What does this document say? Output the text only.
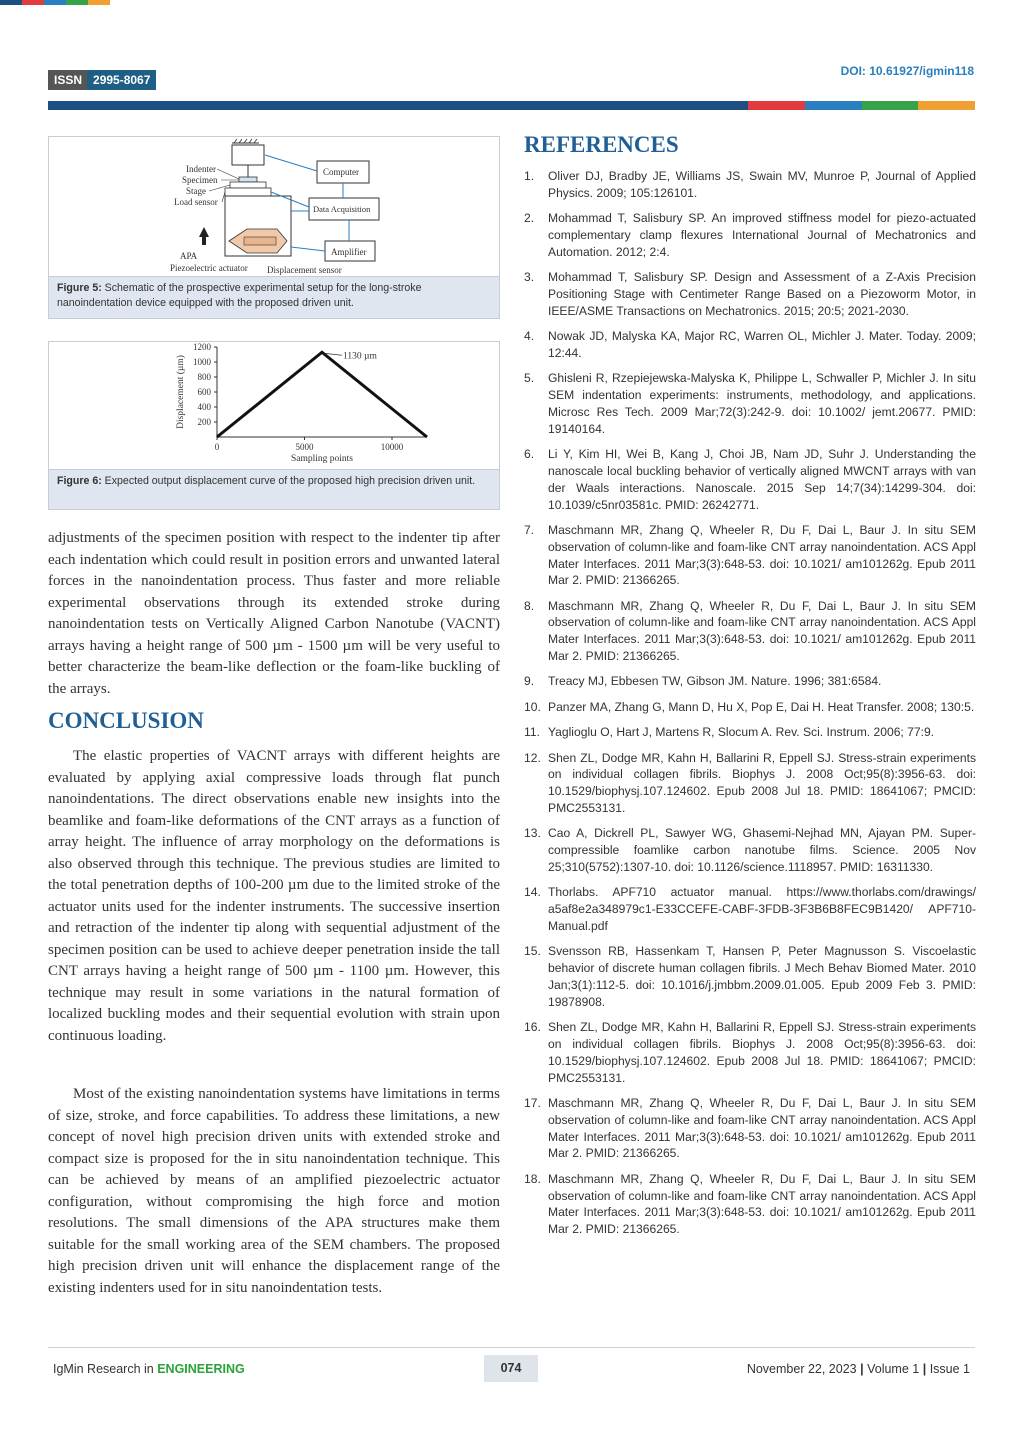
ISSN 2995-8067
DOI: 10.61927/igmin118
Indenter
Specimen
Stage
Load sensor
APA
Piezoelectric actuator Displacement sensor
Computer
Data Acquisition
Amplifier
Figure 5: Schematic of the prospective experimental setup for the long-stroke nanoindentation device equipped with the proposed driven unit.
200
400
600
800
1000
1200
0	5000	10000
Sampling points
Displacement (µm)	1130 µm
Figure 6: Expected output displacement curve of the proposed high precision driven unit.

adjustments of the specimen position with respect to the indenter tip after each indentation which could result in position errors and unwanted lateral forces in the nanoindentation process. Thus faster and more reliable experimental observations through its extended stroke during nanoindentation tests on Vertically Aligned Carbon Nanotube (VACNT) arrays having a height range of 500 µm - 1500 µm will be very useful to better characterize the beam-like deflection or the foam-like buckling of the arrays.

CONCLUSION

The elastic properties of VACNT arrays with different heights are evaluated by applying axial compressive loads through flat punch nanoindentations. The direct observations enable new insights into the beamlike and foam-like deformations of the CNT arrays as a function of array height. The influence of array morphology on the deformations is also observed through this technique. The previous studies are limited to the total penetration depths of 100-200 µm due to the limited stroke of the actuator units used for the indenter instruments. The successive insertion and retraction of the indenter tip along with sequential adjustment of the specimen position can be used to achieve deeper penetration inside the tall CNT arrays having a height range of 500 µm - 1100 µm. However, this technique may result in some variations in the natural formation of localized buckling modes and their sequential evolution with strain upon continuous loading.

Most of the existing nanoindentation systems have limitations in terms of size, stroke, and force capabilities. To address these limitations, a new concept of novel high precision driven units with extended stroke and compact size is proposed for the in situ nanoindentation technique. This can be achieved by means of an amplified piezoelectric actuator configuration, without compromising the high force and motion resolutions. The small dimensions of the APA structures make them suitable for the small working area of the SEM chambers. The proposed high precision driven unit will enhance the displacement range of the existing indenters used for in situ nanoindentation tests.

REFERENCES
1.	Oliver DJ, Bradby JE, Williams JS, Swain MV, Munroe P, Journal of Applied Physics. 2009; 105:126101.
2.	Mohammad T, Salisbury SP. An improved stiffness model for piezo-actuated complementary clamp flexures International Journal of Mechatronics and Automation. 2012; 2:4.
3.	Mohammad T, Salisbury SP. Design and Assessment of a Z-Axis Precision Positioning Stage with Centimeter Range Based on a Piezoworm Motor, in IEEE/ASME Transactions on Mechatronics. 2015; 20:5; 2021-2030.
4.	Nowak JD, Malyska KA, Major RC, Warren OL, Michler J. Mater. Today. 2009; 12:44.
5.	Ghisleni R, Rzepiejewska-Malyska K, Philippe L, Schwaller P, Michler J. In situ SEM indentation experiments: instruments, methodology, and applications. Microsc Res Tech. 2009 Mar;72(3):242-9. doi: 10.1002/ jemt.20677. PMID: 19140164.
6.	Li Y, Kim HI, Wei B, Kang J, Choi JB, Nam JD, Suhr J. Understanding the nanoscale local buckling behavior of vertically aligned MWCNT arrays with van der Waals interactions. Nanoscale. 2015 Sep 14;7(34):14299-304. doi: 10.1039/c5nr03581c. PMID: 26242771.
7.	Maschmann MR, Zhang Q, Wheeler R, Du F, Dai L, Baur J. In situ SEM observation of column-like and foam-like CNT array nanoindentation. ACS Appl Mater Interfaces. 2011 Mar;3(3):648-53. doi: 10.1021/ am101262g. Epub 2011 Mar 2. PMID: 21366265.
8.	Maschmann MR, Zhang Q, Wheeler R, Du F, Dai L, Baur J. In situ SEM observation of column-like and foam-like CNT array nanoindentation. ACS Appl Mater Interfaces. 2011 Mar;3(3):648-53. doi: 10.1021/ am101262g. Epub 2011 Mar 2. PMID: 21366265.
9.	Treacy MJ, Ebbesen TW, Gibson JM. Nature. 1996; 381:6584.
10. Panzer MA, Zhang G, Mann D, Hu X, Pop E, Dai H. Heat Transfer. 2008; 130:5.
11. Yaglioglu O, Hart J, Martens R, Slocum A. Rev. Sci. Instrum. 2006; 77:9.
12. Shen ZL, Dodge MR, Kahn H, Ballarini R, Eppell SJ. Stress-strain experiments on individual collagen fibrils. Biophys J. 2008 Oct;95(8):3956-63. doi: 10.1529/biophysj.107.124602. Epub 2008 Jul 18. PMID: 18641067; PMCID: PMC2553131.
13. Cao A, Dickrell PL, Sawyer WG, Ghasemi-Nejhad MN, Ajayan PM. Super-compressible foamlike carbon nanotube films. Science. 2005 Nov 25;310(5752):1307-10. doi: 10.1126/science.1118957. PMID: 16311330.
14. Thorlabs. APF710 actuator manual. https://www.thorlabs.com/drawings/ a5af8e2a348979c1-E33CCEFE-CABF-3FDB-3F3B6B8FEC9B1420/ APF710-Manual.pdf
15. Svensson RB, Hassenkam T, Hansen P, Peter Magnusson S. Viscoelastic behavior of discrete human collagen fibrils. J Mech Behav Biomed Mater. 2010 Jan;3(1):112-5. doi: 10.1016/j.jmbbm.2009.01.005. Epub 2009 Feb 3. PMID: 19878908.
16. Shen ZL, Dodge MR, Kahn H, Ballarini R, Eppell SJ. Stress-strain experiments on individual collagen fibrils. Biophys J. 2008 Oct;95(8):3956-63. doi: 10.1529/biophysj.107.124602. Epub 2008 Jul 18. PMID: 18641067; PMCID: PMC2553131.
17. Maschmann MR, Zhang Q, Wheeler R, Du F, Dai L, Baur J. In situ SEM observation of column-like and foam-like CNT array nanoindentation. ACS Appl Mater Interfaces. 2011 Mar;3(3):648-53. doi: 10.1021/ am101262g. Epub 2011 Mar 2. PMID: 21366265.
18. Maschmann MR, Zhang Q, Wheeler R, Du F, Dai L, Baur J. In situ SEM observation of column-like and foam-like CNT array nanoindentation. ACS Appl Mater Interfaces. 2011 Mar;3(3):648-53. doi: 10.1021/ am101262g. Epub 2011 Mar 2. PMID: 21366265.
IgMin Research in ENGINEERING	074	November 22, 2023 | Volume 1 | Issue 1
